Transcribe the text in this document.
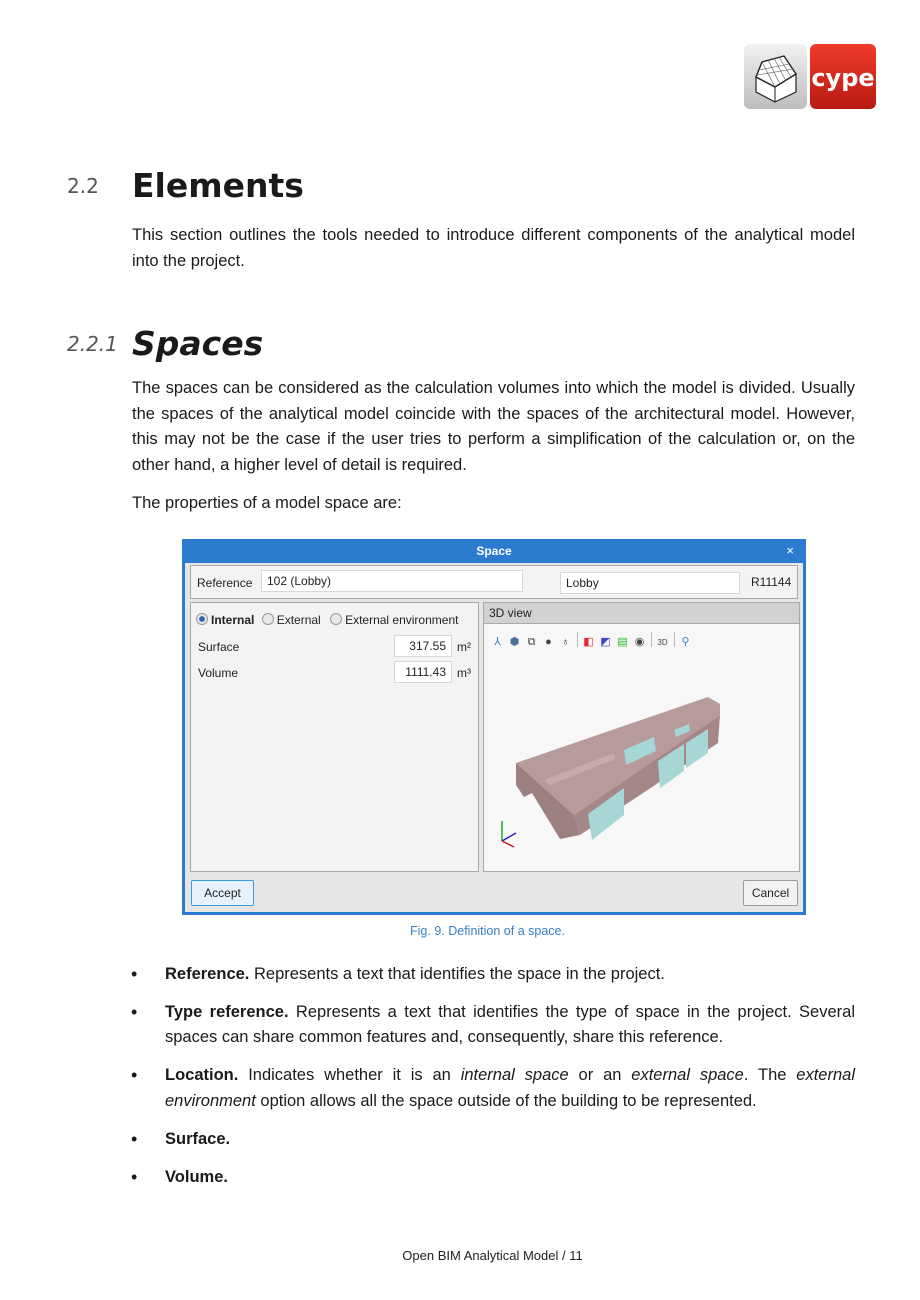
cype
2.2 Elements

This section outlines the tools needed to introduce different components of the analytical model into the project.

2.2.1 Spaces

The spaces can be considered as the calculation volumes into which the model is divided. Usually the spaces of the analytical model coincide with the spaces of the architectural model. However, this may not be the case if the user tries to perform a simplification of the calculation or, on the other hand, a higher level of detail is required.

The properties of a model space are:

Space	×
Reference	102 (Lobby)	Lobby	R11144
Internal External External environment
Surface	317.55 m²
Volume	1111.43 m³
3D view
⅄ ⬢ ⧉ ● ♁ ◧ ◩ ▤ ◉ 3D ⚲
Accept	Cancel
Fig. 9. Definition of a space.
• Reference. Represents a text that identifies the space in the project.
• Type reference. Represents a text that identifies the type of space in the project. Several spaces can share common features and, consequently, share this reference.
• Location. Indicates whether it is an internal space or an external space. The external environment option allows all the space outside of the building to be represented.
• Surface.
• Volume.
Open BIM Analytical Model / 11
